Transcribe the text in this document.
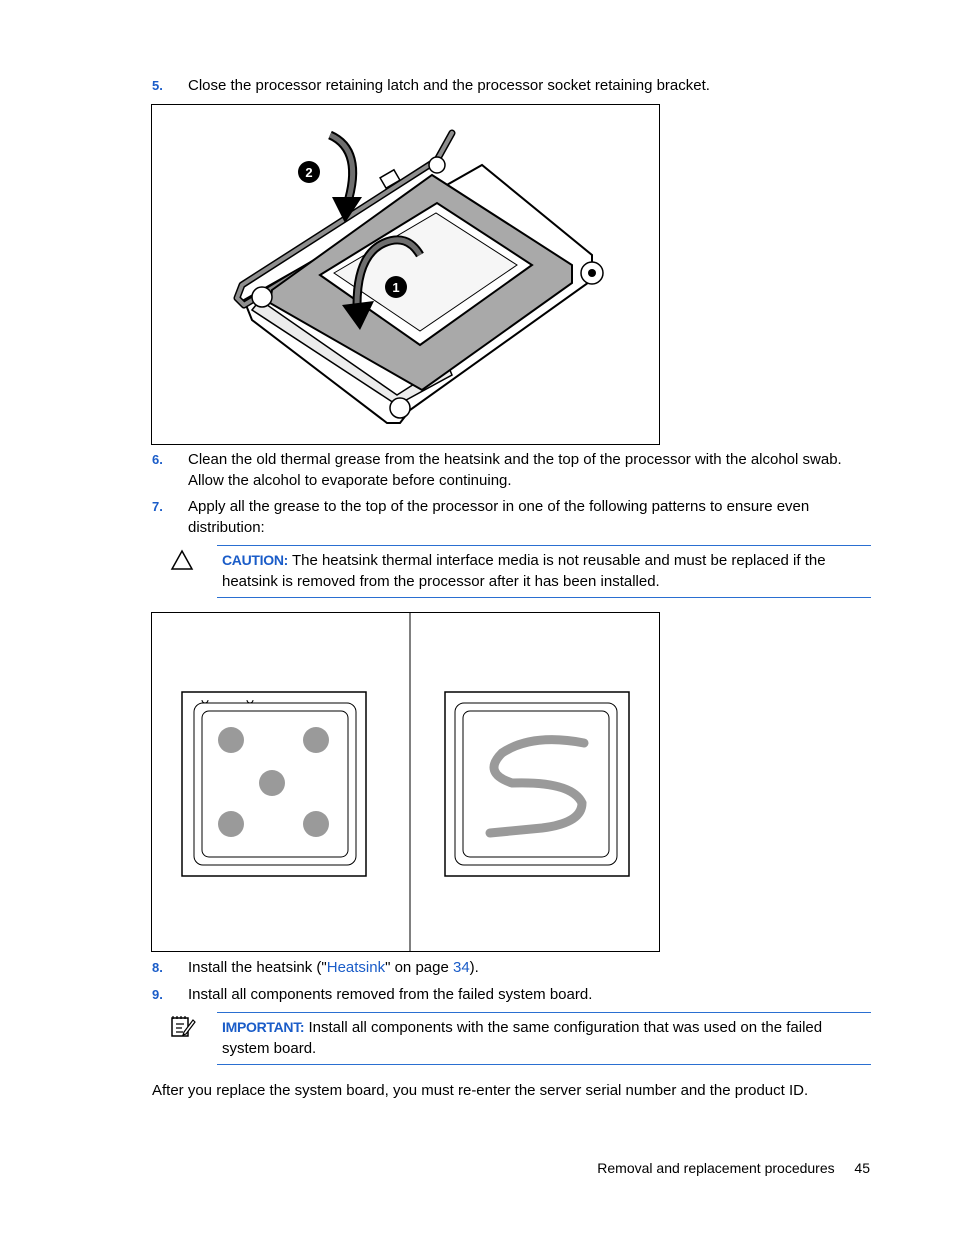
5. Close the processor retaining latch and the processor socket retaining bracket.
2
1
6. Clean the old thermal grease from the heatsink and the top of the processor with the alcohol swab. Allow the alcohol to evaporate before continuing.
7. Apply all the grease to the top of the processor in one of the following patterns to ensure even distribution:
CAUTION: The heatsink thermal interface media is not reusable and must be replaced if the heatsink is removed from the processor after it has been installed.
8. Install the heatsink ("Heatsink" on page 34).
9. Install all components removed from the failed system board.
IMPORTANT: Install all components with the same configuration that was used on the failed system board.
After you replace the system board, you must re-enter the server serial number and the product ID.
Removal and replacement procedures 45
